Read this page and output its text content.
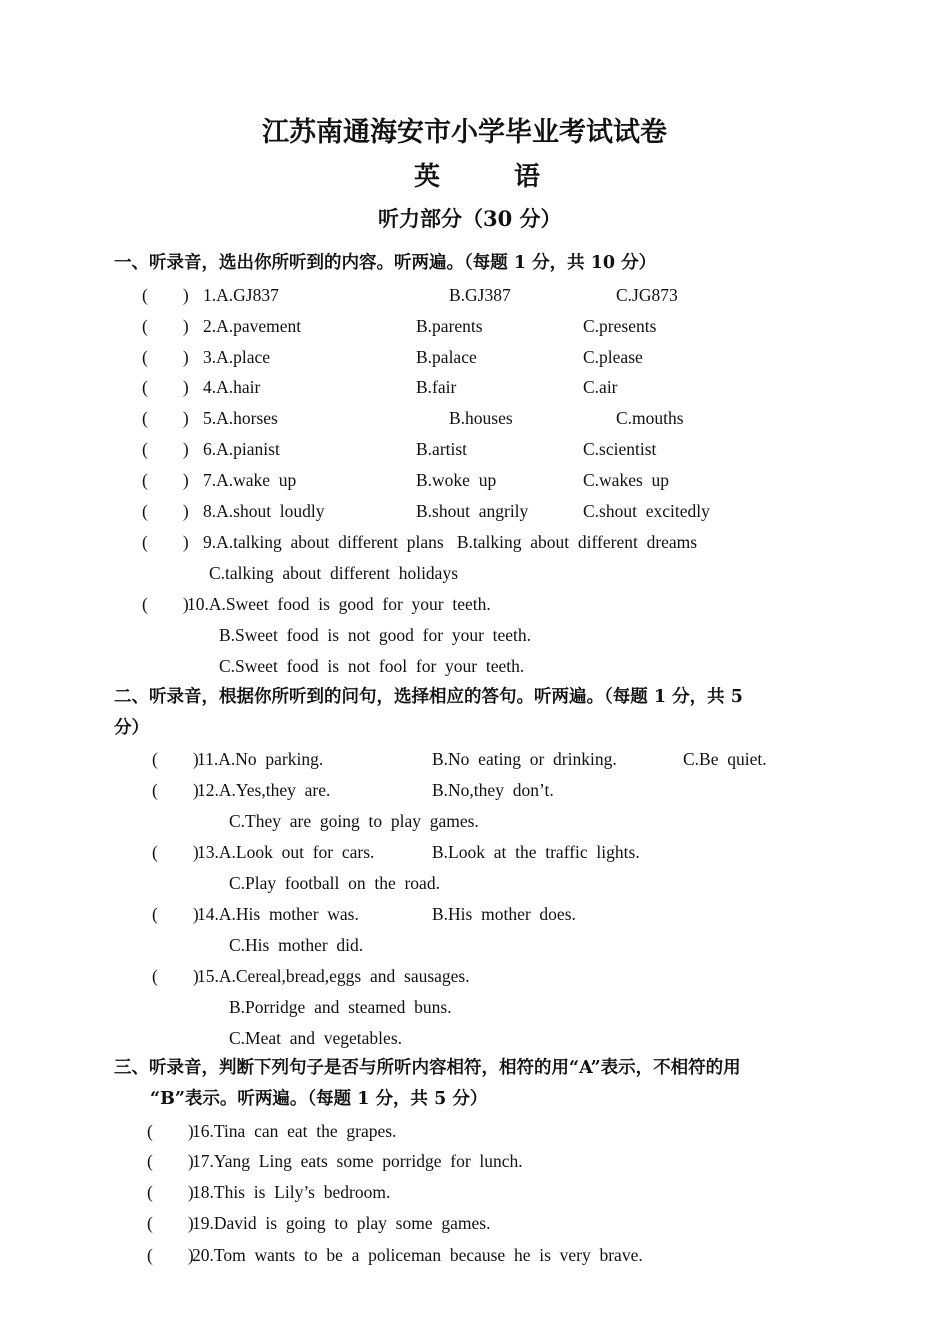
江苏南通海安市小学毕业考试试卷
英	语
听力部分（30 分）
一、听录音，选出你所听到的内容。听两遍。（每题 1 分，共 10 分）
(        ) 1.A.GJ837	B.GJ387	C.JG873
(        ) 2.A.pavement	B.parents	C.presents
(        ) 3.A.place	B.palace	C.please
(        ) 4.A.hair	B.fair	C.air
(        ) 5.A.horses	B.houses	C.mouths
(        ) 6.A.pianist	B.artist	C.scientist
(        ) 7.A.wake  up	B.woke  up	C.wakes  up
(        ) 8.A.shout  loudly	B.shout  angrily	C.shout  excitedly
(        ) 9.A.talking  about  different  plans   B.talking  about  different  dreams
C.talking  about  different  holidays
(        )
10.A.Sweet  food  is  good  for  your  teeth.
B.Sweet  food  is  not  good  for  your  teeth.
C.Sweet  food  is  not  fool  for  your  teeth.
二、听录音，根据你所听到的问句，选择相应的答句。听两遍。（每题 1 分，共 5
分）
(        )
11.A.No  parking.	B.No  eating  or  drinking.	C.Be  quiet.
(        )
12.A.Yes,they  are.	B.No,they  don’t.
C.They  are  going  to  play  games.
(        )
13.A.Look  out  for  cars.	B.Look  at  the  traffic  lights.
C.Play  football  on  the  road.
(        )
14.A.His  mother  was.	B.His  mother  does.
C.His  mother  did.
(        )
15.A.Cereal,bread,eggs  and  sausages.
B.Porridge  and  steamed  buns.
C.Meat  and  vegetables.
三、听录音，判断下列句子是否与所听内容相符，相符的用“A”表示，不相符的用
“B”表示。听两遍。（每题 1 分，共 5 分）
(        )
16.Tina  can  eat  the  grapes.
(        )
17.Yang  Ling  eats  some  porridge  for  lunch.
(        )
18.This  is  Lily’s  bedroom.
(        )
19.David  is  going  to  play  some  games.
(        )
20.Tom  wants  to  be  a  policeman  because  he  is  very  brave.
